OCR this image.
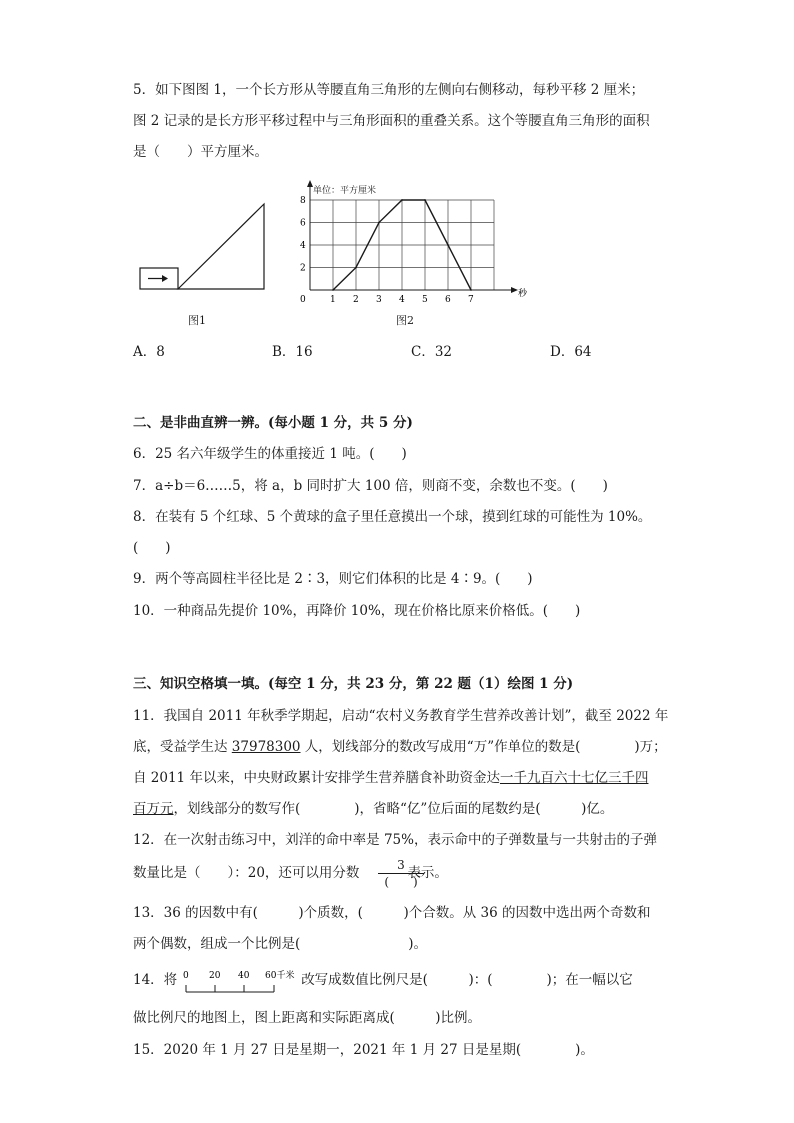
5．如下图图 1，一个长方形从等腰直角三角形的左侧向右侧移动，每秒平移 2 厘米；
图 2 记录的是长方形平移过程中与三角形面积的重叠关系。这个等腰直角三角形的面积
是（　　）平方厘米。
图1
0	1 2 3 4 5 6 7
2
4
6
8
单位：平方厘米
秒
图2
A．8	B．16	C．32	D．64
二、是非曲直辨一辨。(每小题 1 分，共 5 分)
6．25 名六年级学生的体重接近 1 吨。(　　)
7．a÷b＝6……5，将 a，b 同时扩大 100 倍，则商不变，余数也不变。(　　)
8．在装有 5 个红球、5 个黄球的盒子里任意摸出一个球，摸到红球的可能性为 10%。
(　　)
9．两个等高圆柱半径比是 2∶3，则它们体积的比是 4∶9。(　　)
10．一种商品先提价 10%，再降价 10%，现在价格比原来价格低。(　　)
三、知识空格填一填。(每空 1 分，共 23 分，第 22 题（1）绘图 1 分)
11．我国自 2011 年秋季学期起，启动“农村义务教育学生营养改善计划”，截至 2022 年
底，受益学生达 37978300 人，划线部分的数改写成用“万”作单位的数是(　　　　)万；
自 2011 年以来，中央财政累计安排学生营养膳食补助资金达一千九百六十七亿三千四
百万元，划线部分的数写作(　　　　)，省略“亿”位后面的尾数约是(　　　)亿。
12．在一次射击练习中，刘洋的命中率是 75%，表示命中的子弹数量与一共射击的子弹
数量比是（　　）：20，还可以用分数	表示。
3
(　　)
13．36 的因数中有(　　　)个质数，(　　　)个合数。从 36 的因数中选出两个奇数和
两个偶数，组成一个比例是(　　　　　　　　)。
14．将	改写成数值比例尺是(　　　)：(　　　　)；在一幅以它
0 20 40 60千米
做比例尺的地图上，图上距离和实际距离成(　　　)比例。
15．2020 年 1 月 27 日是星期一，2021 年 1 月 27 日是星期(　　　　)。
